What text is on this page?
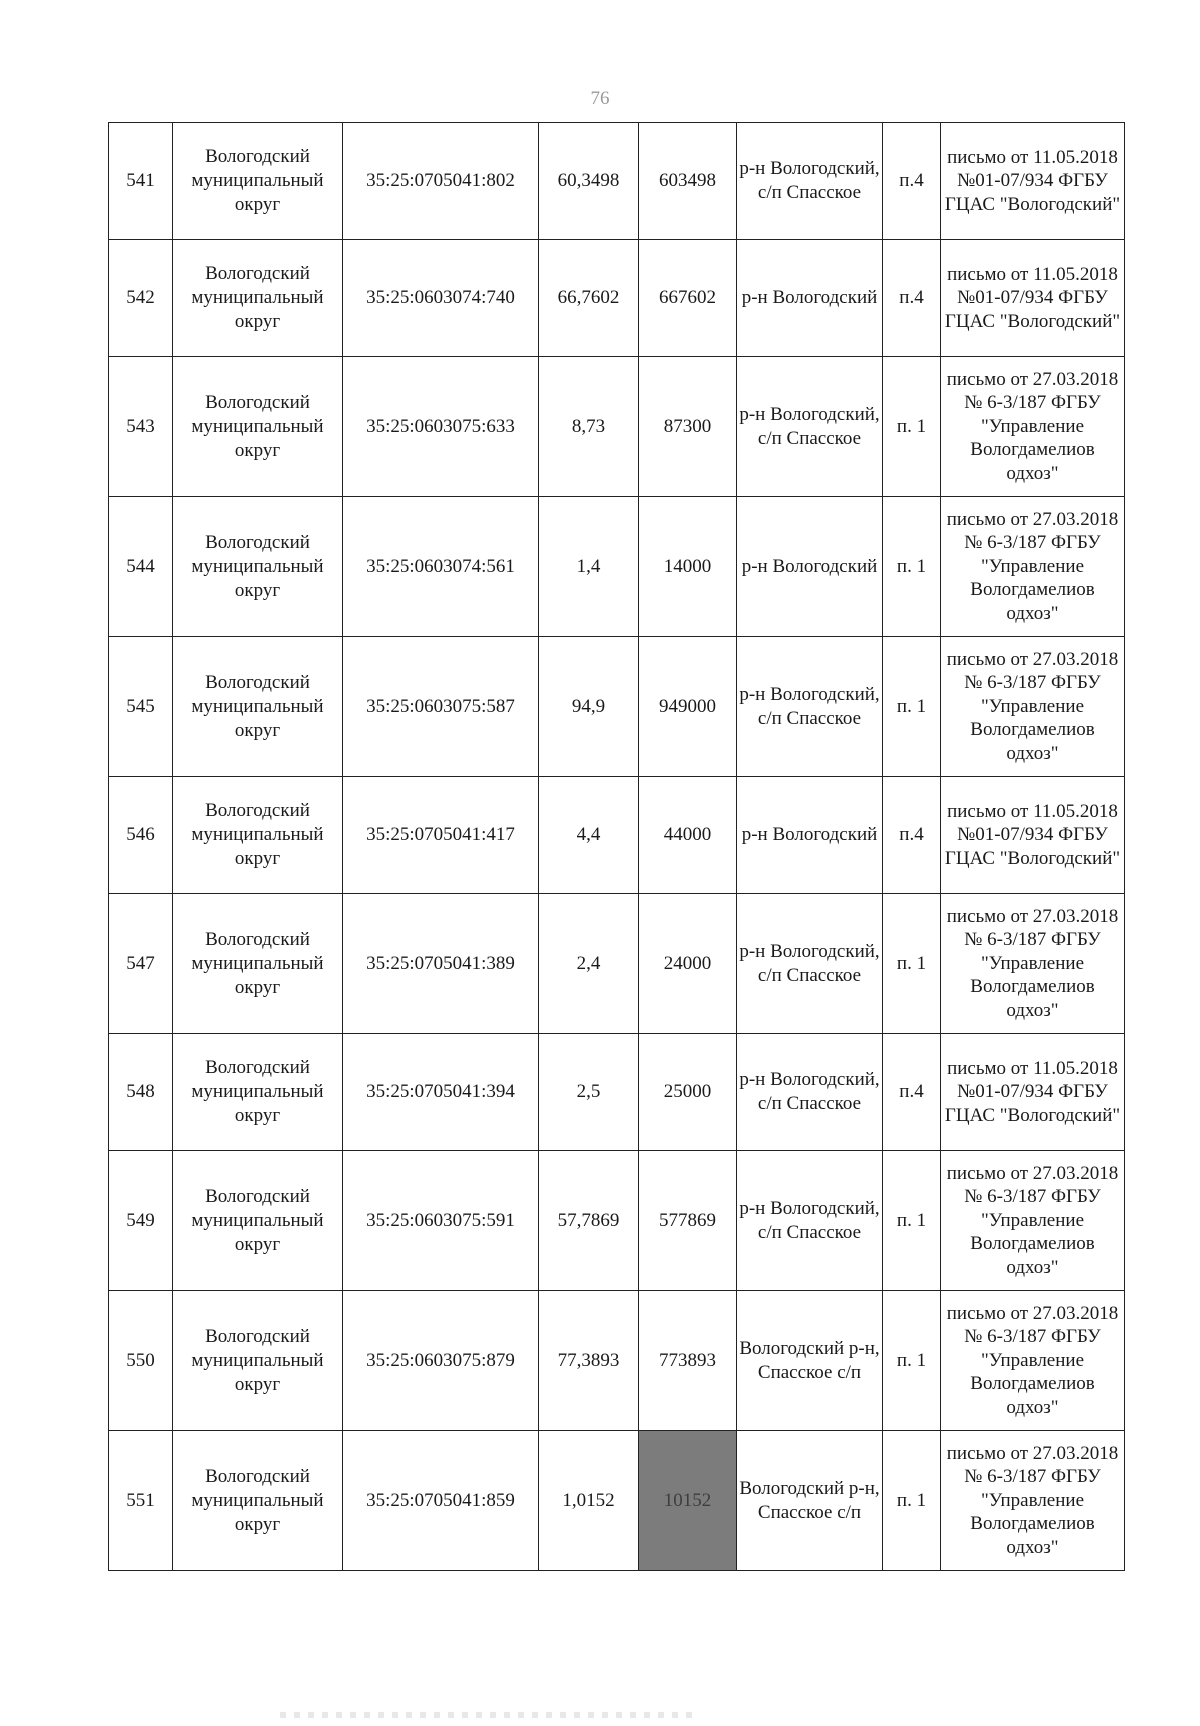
76
541	Вологодский муниципальный округ	35:25:0705041:802	60,3498	603498	р-н Вологодский, с/п Спасское	п.4	письмо от 11.05.2018 №01-07/934 ФГБУ ГЦАС "Вологодский"
542	Вологодский муниципальный округ	35:25:0603074:740	66,7602	667602	р-н Вологодский	п.4	письмо от 11.05.2018 №01-07/934 ФГБУ ГЦАС "Вологодский"
543	Вологодский муниципальный округ	35:25:0603075:633	8,73	87300	р-н Вологодский, с/п Спасское	п. 1	письмо от 27.03.2018 № 6-3/187 ФГБУ "Управление Вологдамелиов одхоз"
544	Вологодский муниципальный округ	35:25:0603074:561	1,4	14000	р-н Вологодский	п. 1	письмо от 27.03.2018 № 6-3/187 ФГБУ "Управление Вологдамелиов одхоз"
545	Вологодский муниципальный округ	35:25:0603075:587	94,9	949000	р-н Вологодский, с/п Спасское	п. 1	письмо от 27.03.2018 № 6-3/187 ФГБУ "Управление Вологдамелиов одхоз"
546	Вологодский муниципальный округ	35:25:0705041:417	4,4	44000	р-н Вологодский	п.4	письмо от 11.05.2018 №01-07/934 ФГБУ ГЦАС "Вологодский"
547	Вологодский муниципальный округ	35:25:0705041:389	2,4	24000	р-н Вологодский, с/п Спасское	п. 1	письмо от 27.03.2018 № 6-3/187 ФГБУ "Управление Вологдамелиов одхоз"
548	Вологодский муниципальный округ	35:25:0705041:394	2,5	25000	р-н Вологодский, с/п Спасское	п.4	письмо от 11.05.2018 №01-07/934 ФГБУ ГЦАС "Вологодский"
549	Вологодский муниципальный округ	35:25:0603075:591	57,7869	577869	р-н Вологодский, с/п Спасское	п. 1	письмо от 27.03.2018 № 6-3/187 ФГБУ "Управление Вологдамелиов одхоз"
550	Вологодский муниципальный округ	35:25:0603075:879	77,3893	773893	Вологодский р-н, Спасское с/п	п. 1	письмо от 27.03.2018 № 6-3/187 ФГБУ "Управление Вологдамелиов одхоз"
551	Вологодский муниципальный округ	35:25:0705041:859	1,0152	10152	Вологодский р-н, Спасское с/п	п. 1	письмо от 27.03.2018 № 6-3/187 ФГБУ "Управление Вологдамелиов одхоз"
